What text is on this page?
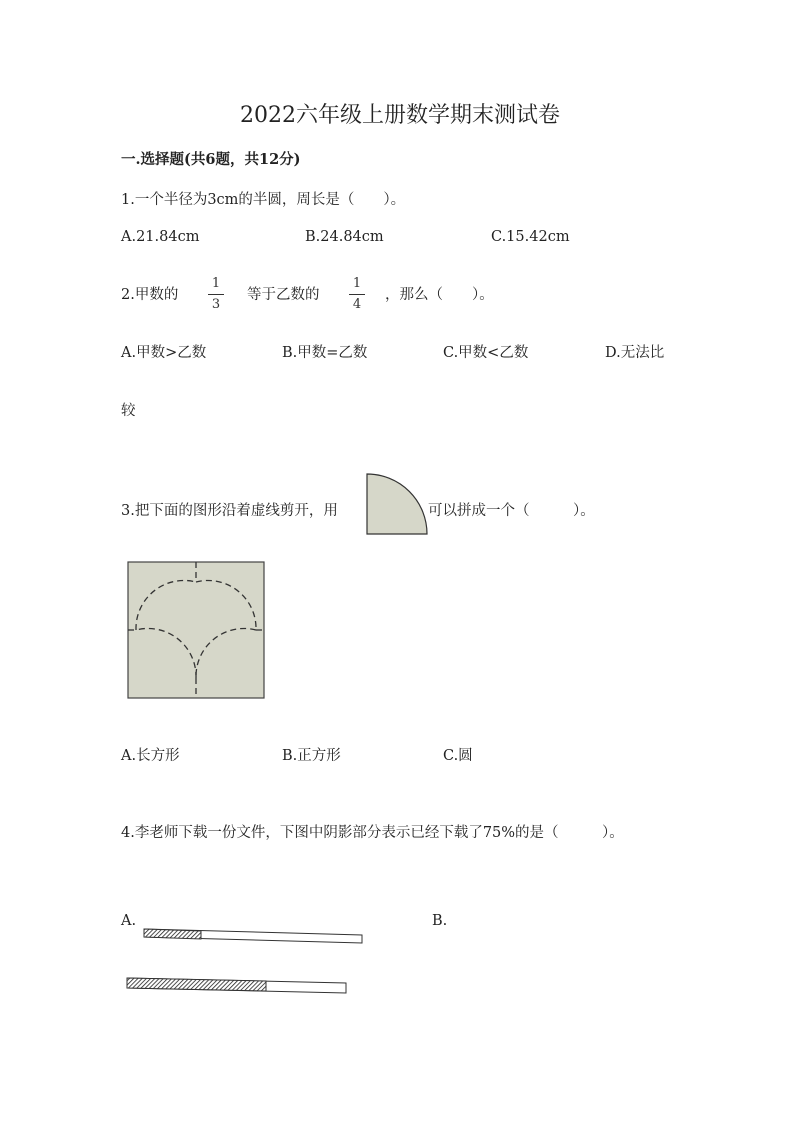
2022六年级上册数学期末测试卷
一.选择题(共6题，共12分)
1.一个半径为3cm的半圆，周长是（　　）。
A.21.84cm	B.24.84cm	C.15.42cm
2.甲数的
1
3
等于乙数的
1
4
，那么（　　）。
A.甲数>乙数	B.甲数=乙数	C.甲数<乙数	D.无法比
较
3.把下面的图形沿着虚线剪开，用	可以拼成一个（　　　）。
A.长方形	B.正方形	C.圆
4.李老师下载一份文件，下图中阴影部分表示已经下载了75%的是（　　　）。
A.	B.
